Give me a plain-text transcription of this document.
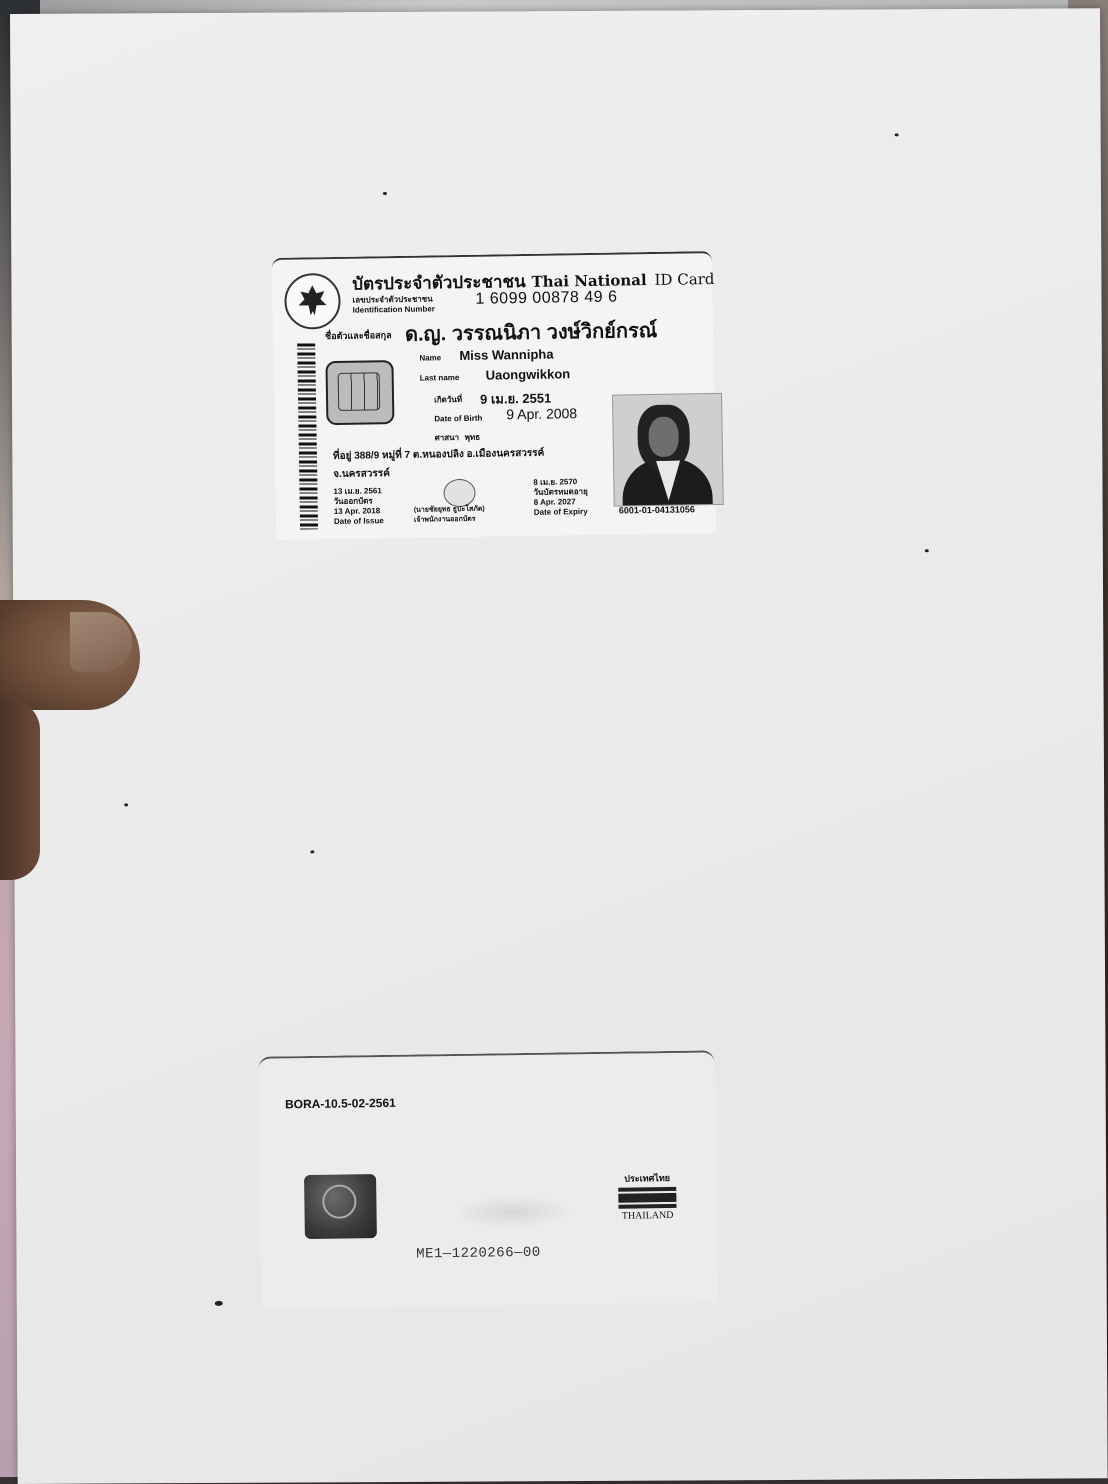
บัตรประจำตัวประชาชน Thai National ID Card
เลขประจำตัวประชาชน
Identification Number
1 6099 00878 49 6
ชื่อตัวและชื่อสกุล ด.ญ. วรรณนิภา วงษ์วิกย์กรณ์
Name Miss Wannipha
Last name Uaongwikkon
เกิดวันที่ 9 เม.ย. 2551
Date of Birth 9 Apr. 2008
ศาสนา พุทธ
ที่อยู่ 388/9 หมู่ที่ 7 ต.หนองปลิง อ.เมืองนครสวรรค์
จ.นครสวรรค์
13 เม.ย. 2561
วันออกบัตร
13 Apr. 2018
Date of Issue
(นายชัยยุทธ ธูปะโสภัต)
เจ้าพนักงานออกบัตร
8 เม.ย. 2570
วันบัตรหมดอายุ
8 Apr. 2027
Date of Expiry	6001-01-04131056
BORA-10.5-02-2561
ประเทศไทย
THAILAND
ME1—1220266—00
